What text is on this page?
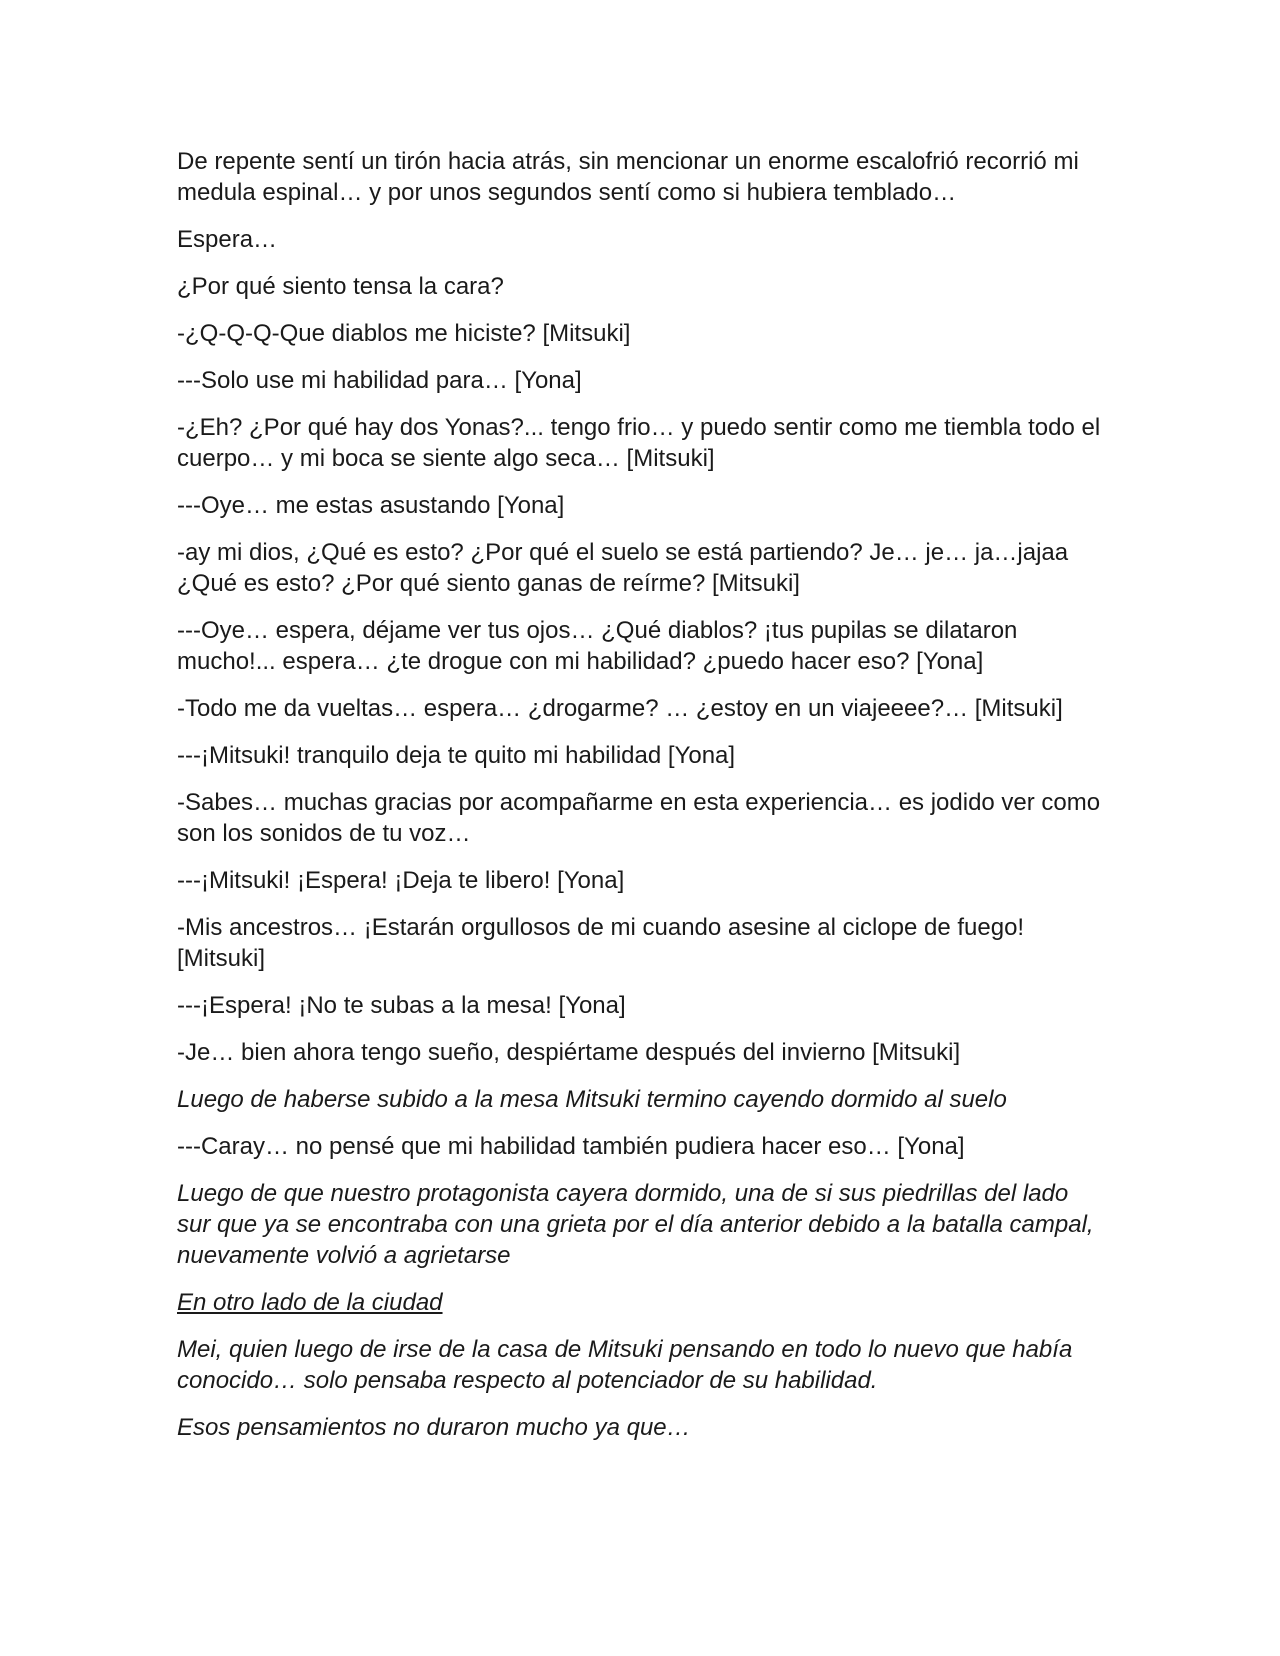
De repente sentí un tirón hacia atrás, sin mencionar un enorme escalofrió recorrió mi medula espinal… y por unos segundos sentí como si hubiera temblado…

Espera…

¿Por qué siento tensa la cara?

-¿Q-Q-Q-Que diablos me hiciste? [Mitsuki]

---Solo use mi habilidad para… [Yona]

-¿Eh? ¿Por qué hay dos Yonas?... tengo frio… y puedo sentir como me tiembla todo el cuerpo… y mi boca se siente algo seca… [Mitsuki]

---Oye… me estas asustando [Yona]

-ay mi dios, ¿Qué es esto? ¿Por qué el suelo se está partiendo? Je… je… ja…jajaa ¿Qué es esto? ¿Por qué siento ganas de reírme? [Mitsuki]

---Oye… espera, déjame ver tus ojos… ¿Qué diablos? ¡tus pupilas se dilataron mucho!... espera… ¿te drogue con mi habilidad? ¿puedo hacer eso? [Yona]

-Todo me da vueltas… espera… ¿drogarme? … ¿estoy en un viajeeee?… [Mitsuki]

---¡Mitsuki! tranquilo deja te quito mi habilidad [Yona]

-Sabes… muchas gracias por acompañarme en esta experiencia… es jodido ver como son los sonidos de tu voz…

---¡Mitsuki! ¡Espera! ¡Deja te libero! [Yona]

-Mis ancestros… ¡Estarán orgullosos de mi cuando asesine al ciclope de fuego! [Mitsuki]

---¡Espera! ¡No te subas a la mesa! [Yona]

-Je… bien ahora tengo sueño, despiértame después del invierno [Mitsuki]

Luego de haberse subido a la mesa Mitsuki termino cayendo dormido al suelo

---Caray… no pensé que mi habilidad también pudiera hacer eso… [Yona]

Luego de que nuestro protagonista cayera dormido, una de si sus piedrillas del lado sur que ya se encontraba con una grieta por el día anterior debido a la batalla campal, nuevamente volvió a agrietarse

En otro lado de la ciudad

Mei, quien luego de irse de la casa de Mitsuki pensando en todo lo nuevo que había conocido… solo pensaba respecto al potenciador de su habilidad.

Esos pensamientos no duraron mucho ya que…
